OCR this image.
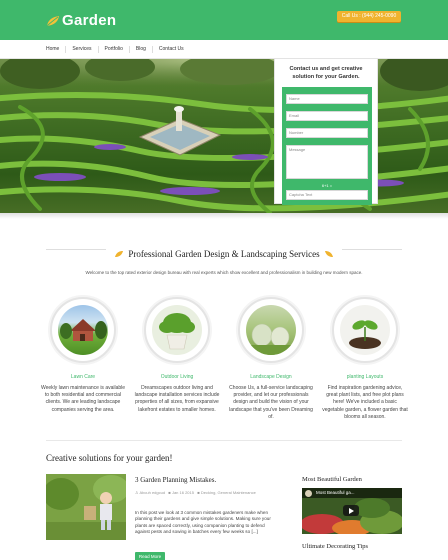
Garden	Call Us : (944) 245-0090
Home	Services	Portfolio	Blog	Contact Us
Contact us and get creative solution for your Garden.
Name
Email
Number
Message
6+1 =
Captcha Text
Professional Garden Design & Landscaping Services
Welcome to the top rated exterior design bureau with real experts which show excellent and professionalism in building new modern space.
Lawn Care
Weekly lawn maintenance is available to both residential and commercial clients. We are leading landscape companies serving the area.
Outdoor Living
Dreamscapes outdoor living and landscape installation services include properties of all sizes, from expansive lakefront estates to smaller homes.
Landscape Design
Choose Us, a full-service landscaping provider, and let our professionals design and build the vision of your landscape that you've been Dreaming of.
planting Layouts
Find inspiration gardening advice, great plant lists, and free plot plans here! We've included a basic vegetable garden, a flower garden that blooms all season.
Creative solutions for your garden!
3 Garden Planning Mistakes.
♙ Abcuh edgcud ■ Jan 16 2015 ■ Decking, General Maintenance
In this post we look at 3 common mistakes gardeners make when planning their gardens and give simple solutions. Making sure your plants are spaced correctly, using companion planting to defend against pests and sowing in batches every few weeks so [...]
Read More
Most Beautiful Garden
Most Beautiful ga...
Ultimate Decorating Tips
